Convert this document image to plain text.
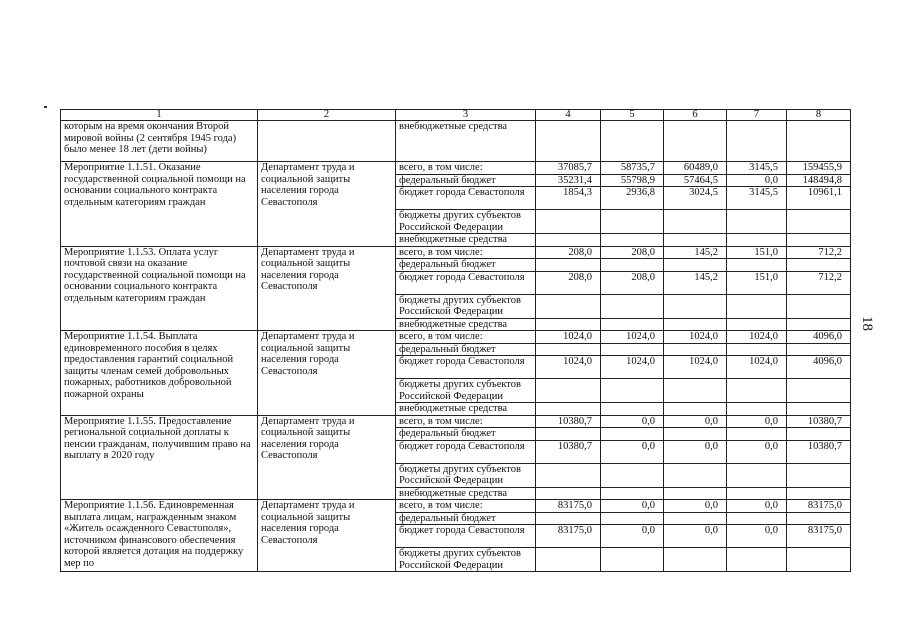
18
1	2	3	4	5	6	7	8
которым на время окончания Второй мировой войны (2 сентября 1945 года) было менее 18 лет (дети войны)		внебюджетные средства					
Мероприятие 1.1.51. Оказание государственной социальной помощи на основании социального контракта отдельным категориям граждан	Департамент труда и социальной защиты населения города Севастополя	всего, в том числе:	37085,7	58735,7	60489,0	3145,5	159455,9
		федеральный бюджет	35231,4	55798,9	57464,5	0,0	148494,8
		бюджет города Севастополя	1854,3	2936,8	3024,5	3145,5	10961,1
		бюджеты других субъектов Российской Федерации					
		внебюджетные средства					
Мероприятие 1.1.53. Оплата услуг почтовой связи на оказание государственной социальной помощи на основании социального контракта отдельным категориям граждан	Департамент труда и социальной защиты населения города Севастополя	всего, в том числе:	208,0	208,0	145,2	151,0	712,2
		федеральный бюджет					
		бюджет города Севастополя	208,0	208,0	145,2	151,0	712,2
		бюджеты других субъектов Российской Федерации					
		внебюджетные средства					
Мероприятие 1.1.54. Выплата единовременного пособия в целях предоставления гарантий социальной защиты членам семей добровольных пожарных, работников добровольной пожарной охраны	Департамент труда и социальной защиты населения города Севастополя	всего, в том числе:	1024,0	1024,0	1024,0	1024,0	4096,0
		федеральный бюджет					
		бюджет города Севастополя	1024,0	1024,0	1024,0	1024,0	4096,0
		бюджеты других субъектов Российской Федерации					
		внебюджетные средства					
Мероприятие 1.1.55. Предоставление региональной социальной доплаты к пенсии гражданам, получившим право на выплату в 2020 году	Департамент труда и социальной защиты населения города Севастополя	всего, в том числе:	10380,7	0,0	0,0	0,0	10380,7
		федеральный бюджет					
		бюджет города Севастополя	10380,7	0,0	0,0	0,0	10380,7
		бюджеты других субъектов Российской Федерации					
		внебюджетные средства					
Мероприятие 1.1.56. Единовременная выплата лицам, награжденным знаком «Житель осажденного Севастополя», источником финансового обеспечения которой является дотация на поддержку мер по	Департамент труда и социальной защиты населения города Севастополя	всего, в том числе:	83175,0	0,0	0,0	0,0	83175,0
		федеральный бюджет					
		бюджет города Севастополя	83175,0	0,0	0,0	0,0	83175,0
		бюджеты других субъектов Российской Федерации					
